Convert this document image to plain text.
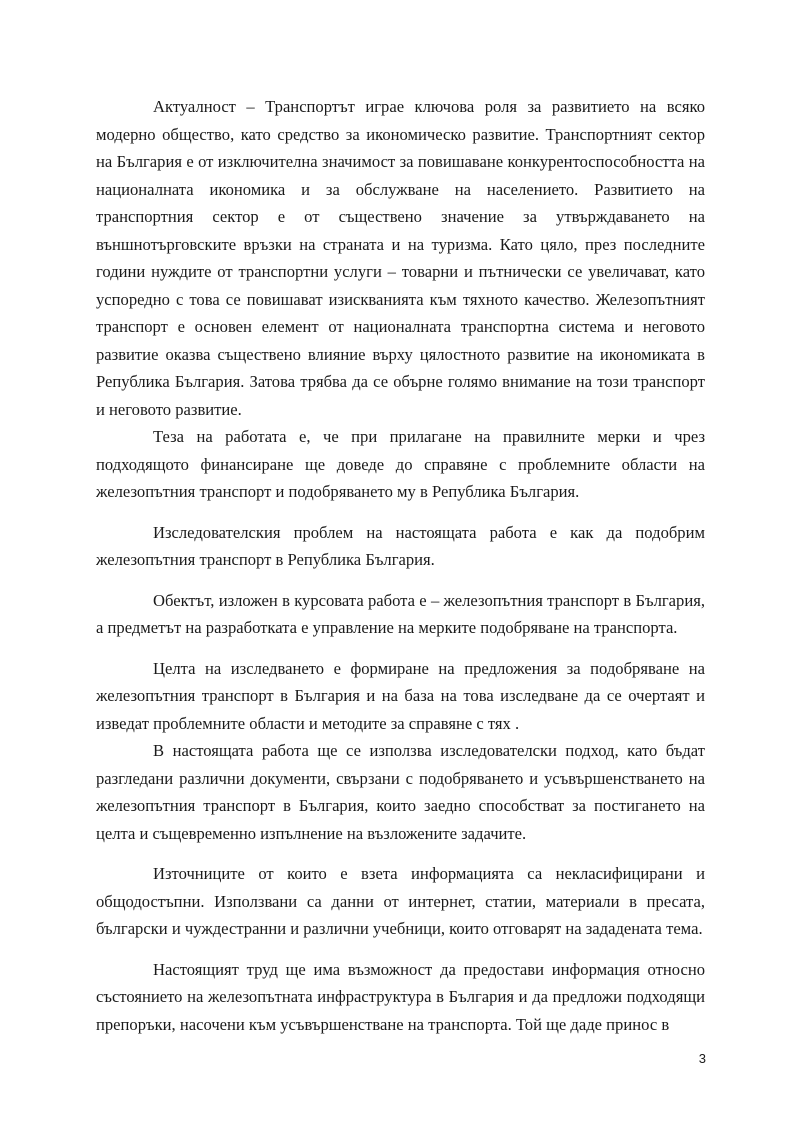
Актуалност – Транспортът играе ключова роля за развитието на всяко модерно общество, като средство за икономическо развитие. Транспортният сектор на България е от изключителна значимост за повишаване конкурентоспособността на националната икономика и за обслужване на населението. Развитието на транспортния сектор е от съществено значение за утвърждаването на външнотърговските връзки на страната и на туризма. Като цяло, през последните години нуждите от транспортни услуги – товарни и пътнически се увеличават, като успоредно с това се повишават изискванията към тяхното качество. Железопътният транспорт е основен елемент от националната транспортна система и неговото развитие оказва съществено влияние върху цялостното развитие на икономиката в Република България. Затова трябва да се обърне голямо внимание на този транспорт и неговото развитие.

Теза на работата е, че при прилагане на правилните мерки и чрез подходящото финансиране ще доведе до справяне с проблемните области на железопътния транспорт и подобряването му в Република България.

Изследователския проблем на настоящата работа е как да подобрим железопътния транспорт в Република България.

Обектът, изложен в курсовата работа е – железопътния транспорт в България, а предметът на разработката е управление на мерките подобряване на транспорта.

Целта на изследването е формиране на предложения за подобряване на железопътния транспорт в България и на база на това изследване да се очертаят и изведат проблемните области и методите за справяне с тях .

В настоящата работа ще се използва изследователски подход, като бъдат разгледани различни документи, свързани с подобряването и усъвършенстването на железопътния транспорт в България, които заедно способстват за постигането на целта и същевременно изпълнение на възложените задачите.

Източниците от които е взета информацията са некласифицирани и общодостъпни. Използвани са данни от интернет, статии, материали в пресата, български и чуждестранни и различни учебници, които отговарят на зададената тема.

Настоящият труд ще има възможност да предостави информация относно състоянието на железопътната инфраструктура в България и да предложи подходящи препоръки, насочени към усъвършенстване на транспорта. Той ще даде принос в

3
